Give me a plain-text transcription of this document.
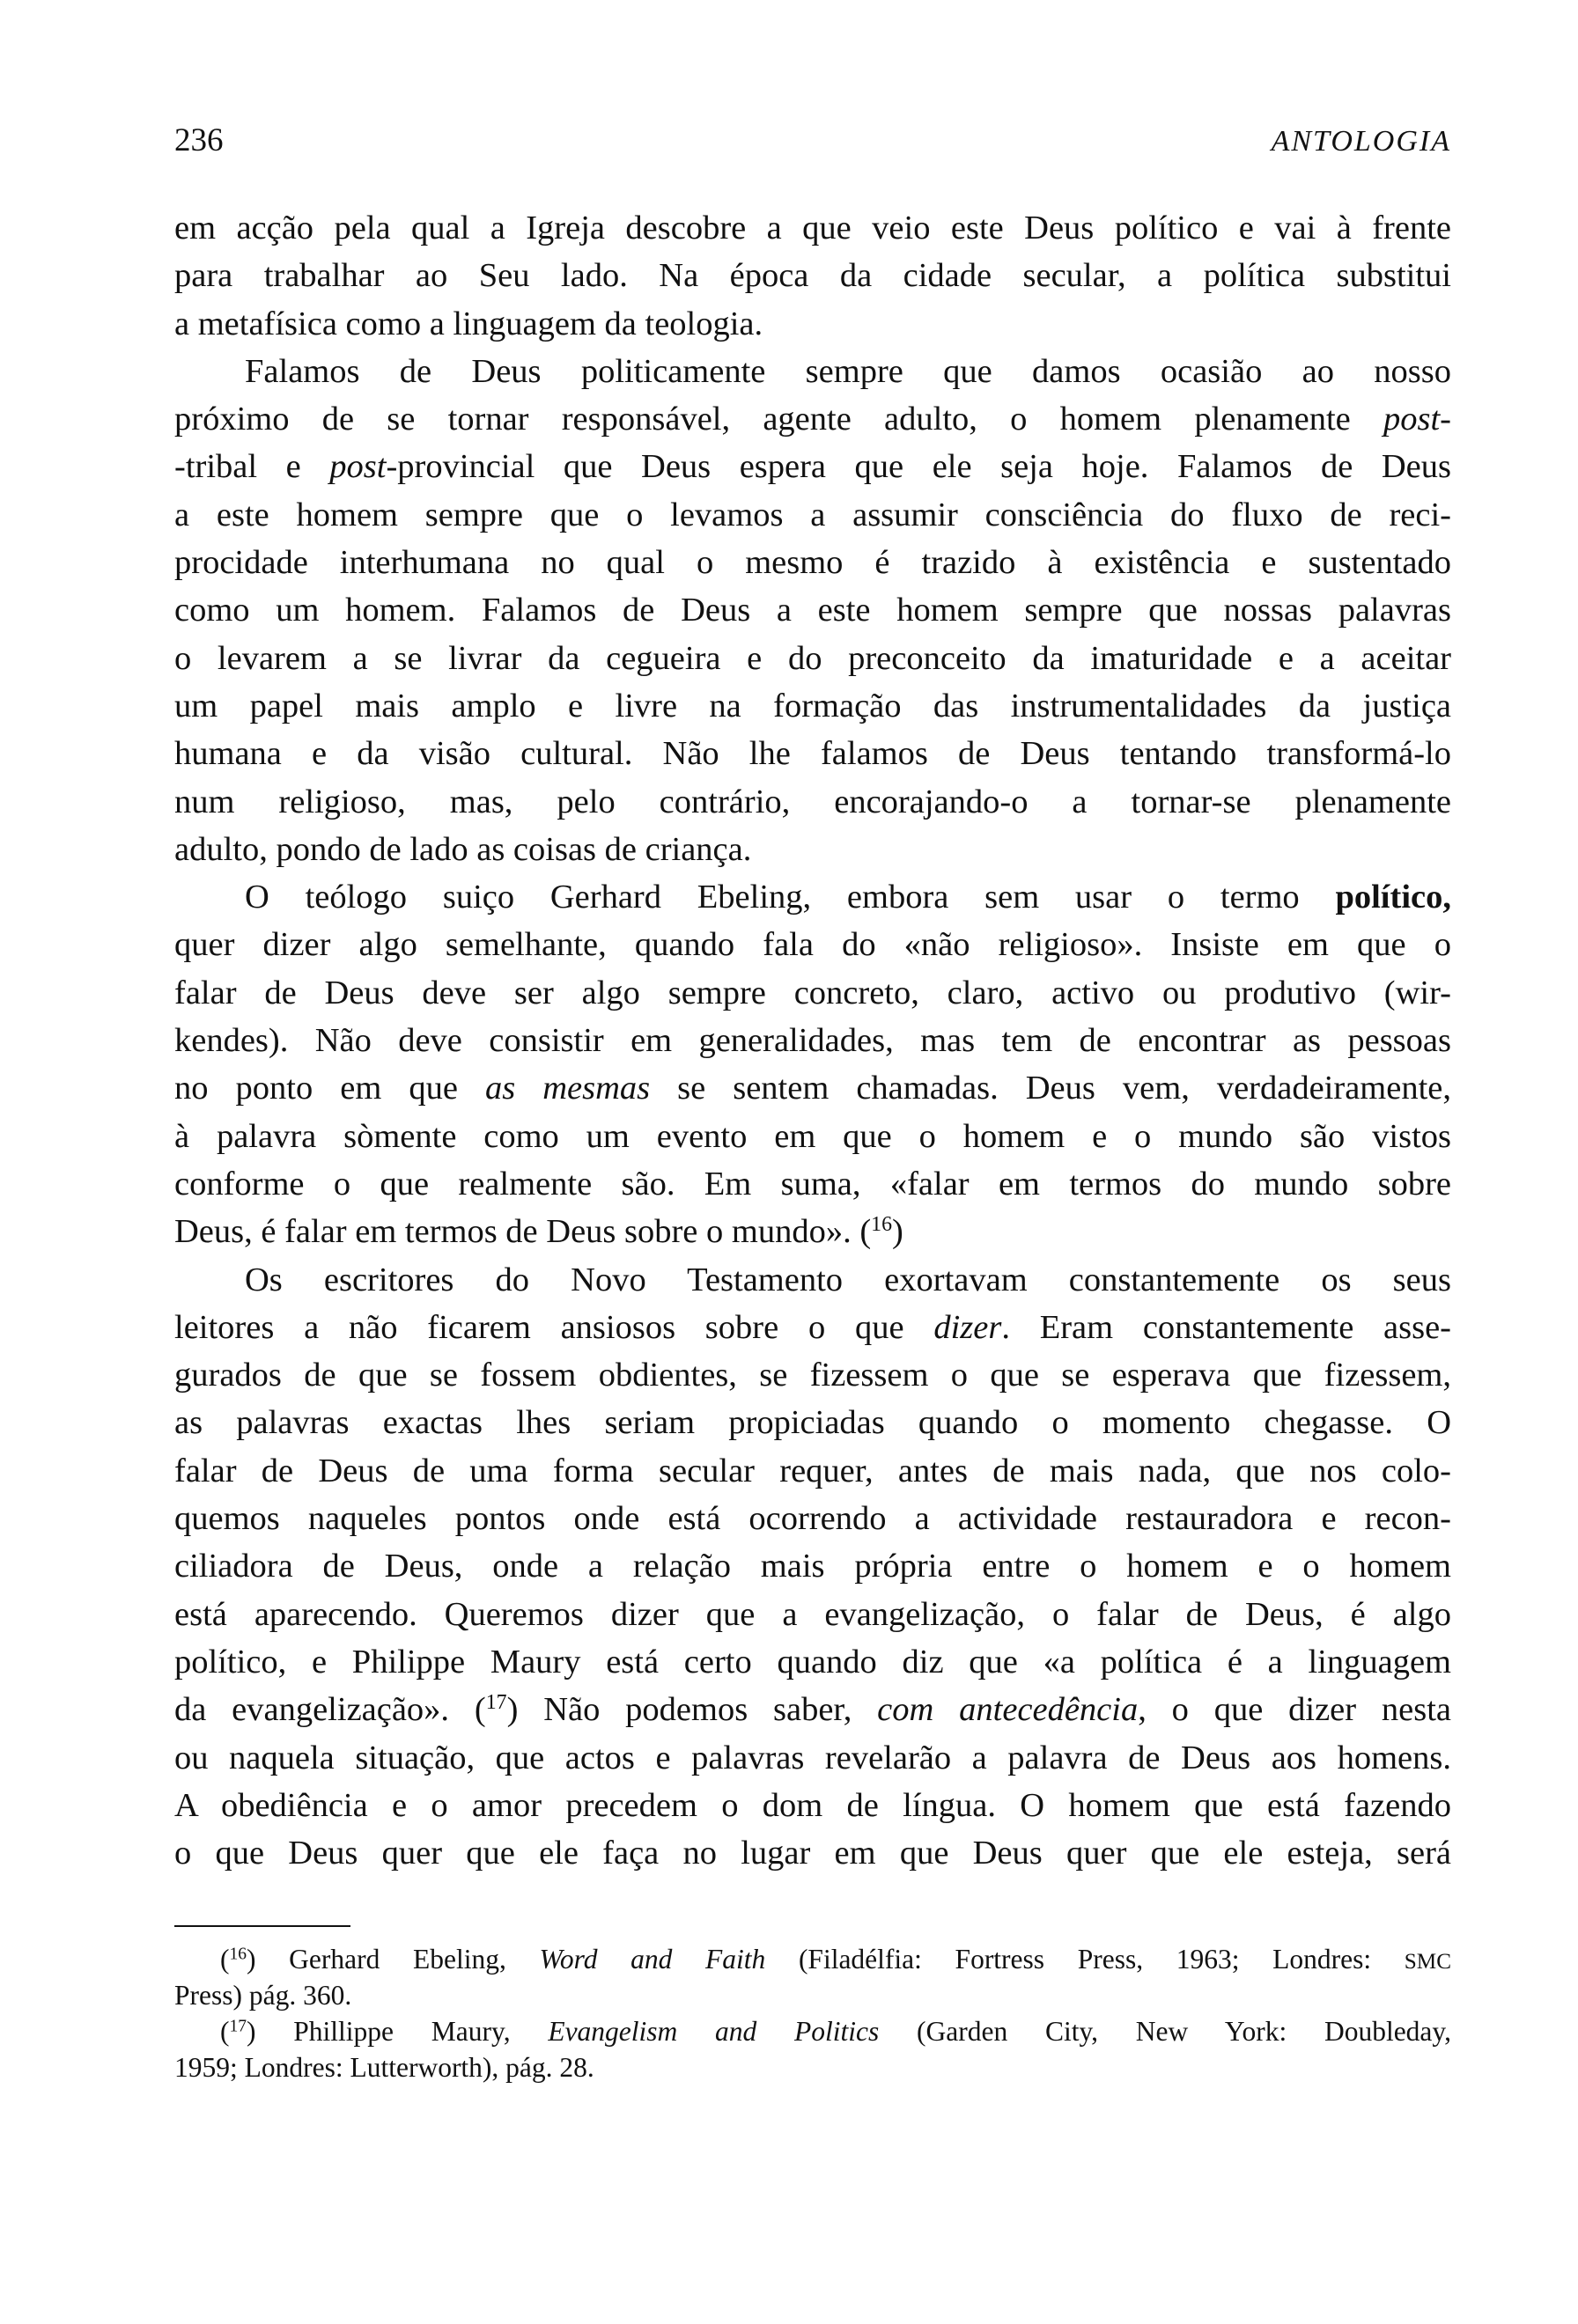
236	ANTOLOGIA
em acção pela qual a Igreja descobre a que veio este Deus político e vai à frente
para trabalhar ao Seu lado. Na época da cidade secular, a política substitui
a metafísica como a linguagem da teologia.
Falamos de Deus politicamente sempre que damos ocasião ao nosso
próximo de se tornar responsável, agente adulto, o homem plenamente post-
-tribal e post-provincial que Deus espera que ele seja hoje. Falamos de Deus
a este homem sempre que o levamos a assumir consciência do fluxo de reci-
procidade interhumana no qual o mesmo é trazido à existência e sustentado
como um homem. Falamos de Deus a este homem sempre que nossas palavras
o levarem a se livrar da cegueira e do preconceito da imaturidade e a aceitar
um papel mais amplo e livre na formação das instrumentalidades da justiça
humana e da visão cultural. Não lhe falamos de Deus tentando transformá-lo
num religioso, mas, pelo contrário, encorajando-o a tornar-se plenamente
adulto, pondo de lado as coisas de criança.
O teólogo suiço Gerhard Ebeling, embora sem usar o termo político,
quer dizer algo semelhante, quando fala do «não religioso». Insiste em que o
falar de Deus deve ser algo sempre concreto, claro, activo ou produtivo (wir-
kendes). Não deve consistir em generalidades, mas tem de encontrar as pessoas
no ponto em que as mesmas se sentem chamadas. Deus vem, verdadeiramente,
à palavra sòmente como um evento em que o homem e o mundo são vistos
conforme o que realmente são. Em suma, «falar em termos do mundo sobre
Deus, é falar em termos de Deus sobre o mundo». ($^{16}$)
Os escritores do Novo Testamento exortavam constantemente os seus
leitores a não ficarem ansiosos sobre o que dizer. Eram constantemente asse-
gurados de que se fossem obdientes, se fizessem o que se esperava que fizessem,
as palavras exactas lhes seriam propiciadas quando o momento chegasse. O
falar de Deus de uma forma secular requer, antes de mais nada, que nos colo-
quemos naqueles pontos onde está ocorrendo a actividade restauradora e recon-
ciliadora de Deus, onde a relação mais própria entre o homem e o homem
está aparecendo. Queremos dizer que a evangelização, o falar de Deus, é algo
político, e Philippe Maury está certo quando diz que «a política é a linguagem
da evangelização». ($^{17}$) Não podemos saber, com antecedência, o que dizer nesta
ou naquela situação, que actos e palavras revelarão a palavra de Deus aos homens.
A obediência e o amor precedem o dom de língua. O homem que está fazendo
o que Deus quer que ele faça no lugar em que Deus quer que ele esteja, será
($^{16}$) Gerhard Ebeling, Word and Faith (Filadélfia: Fortress Press, 1963; Londres: SMC
Press) pág. 360.
($^{17}$) Phillippe Maury, Evangelism and Politics (Garden City, New York: Doubleday,
1959; Londres: Lutterworth), pág. 28.
